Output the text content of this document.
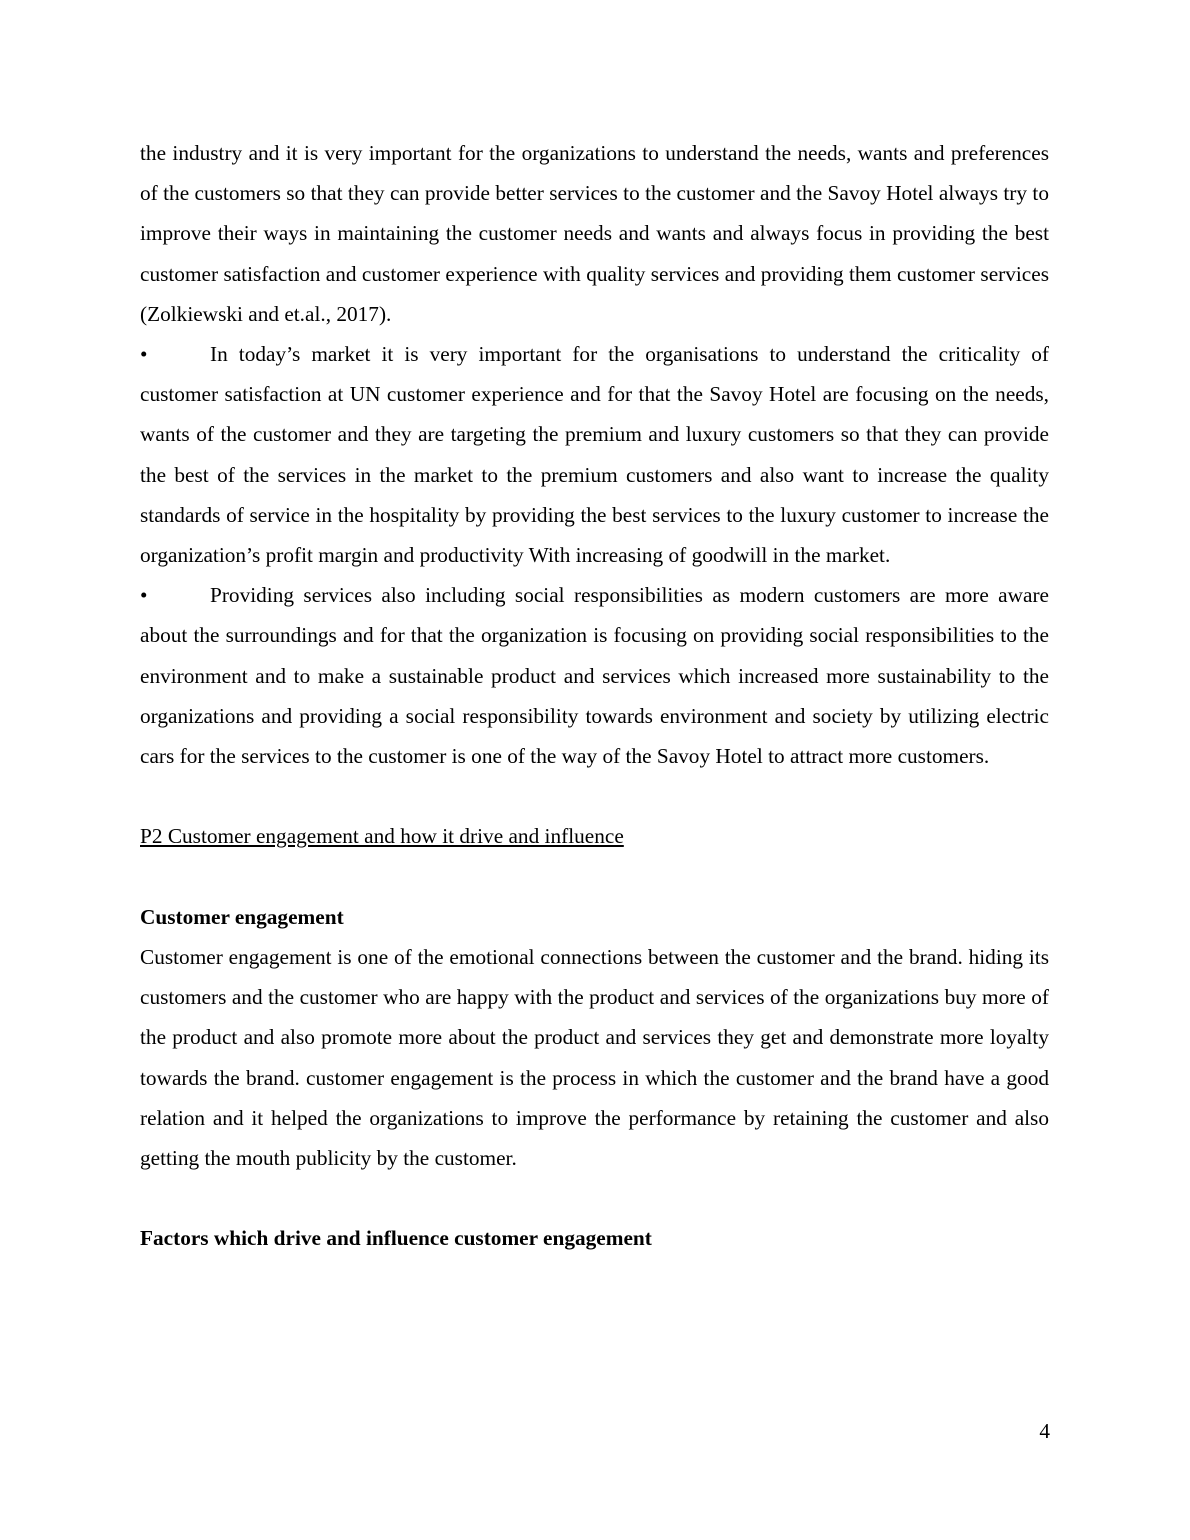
the industry and it is very important for the organizations to understand the needs, wants and preferences of the customers so that they can provide better services to the customer and the Savoy Hotel always try to improve their ways in maintaining the customer needs and wants and always focus in providing the best customer satisfaction and customer experience with quality services and providing them customer services (Zolkiewski and et.al., 2017).

•	In today’s market it is very important for the organisations to understand the criticality of customer satisfaction at UN customer experience and for that the Savoy Hotel are focusing on the needs, wants of the customer and they are targeting the premium and luxury customers so that they can provide the best of the services in the market to the premium customers and also want to increase the quality standards of service in the hospitality by providing the best services to the luxury customer to increase the organization’s profit margin and productivity With increasing of goodwill in the market.

•	Providing services also including social responsibilities as modern customers are more aware about the surroundings and for that the organization is focusing on providing social responsibilities to the environment and to make a sustainable product and services which increased more sustainability to the organizations and providing a social responsibility towards environment and society by utilizing electric cars for the services to the customer is one of the way of the Savoy Hotel to attract more customers.

P2 Customer engagement and how it drive and influence

Customer engagement

Customer engagement is one of the emotional connections between the customer and the brand. hiding its customers and the customer who are happy with the product and services of the organizations buy more of the product and also promote more about the product and services they get and demonstrate more loyalty towards the brand. customer engagement is the process in which the customer and the brand have a good relation and it helped the organizations to improve the performance by retaining the customer and also getting the mouth publicity by the customer.

Factors which drive and influence customer engagement

4
